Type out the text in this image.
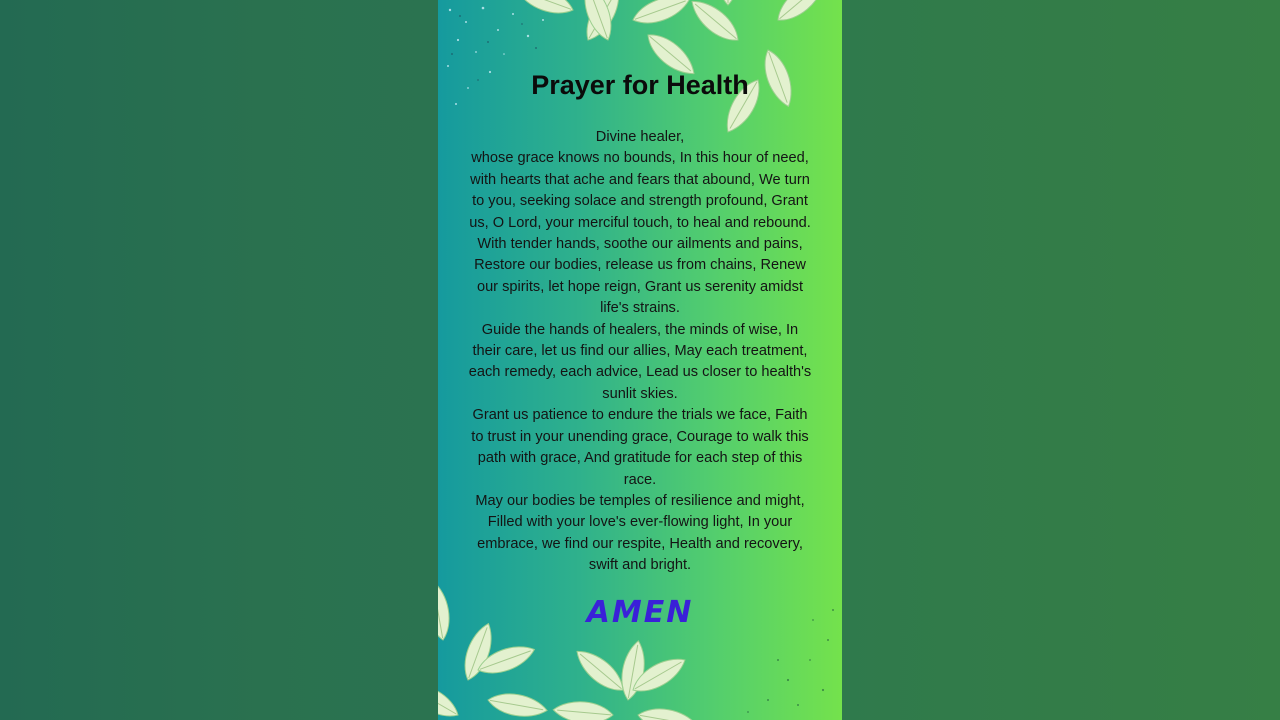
Prayer for Health

Divine healer,

whose grace knows no bounds, In this hour of need, with hearts that ache and fears that abound, We turn to you, seeking solace and strength profound, Grant us, O Lord, your merciful touch, to heal and rebound.

With tender hands, soothe our ailments and pains, Restore our bodies, release us from chains, Renew our spirits, let hope reign, Grant us serenity amidst life's strains.

Guide the hands of healers, the minds of wise, In their care, let us find our allies, May each treatment, each remedy, each advice, Lead us closer to health's sunlit skies.

Grant us patience to endure the trials we face, Faith to trust in your unending grace, Courage to walk this path with grace, And gratitude for each step of this race.

May our bodies be temples of resilience and might, Filled with your love's ever-flowing light, In your embrace, we find our respite, Health and recovery, swift and bright.

AMEN
